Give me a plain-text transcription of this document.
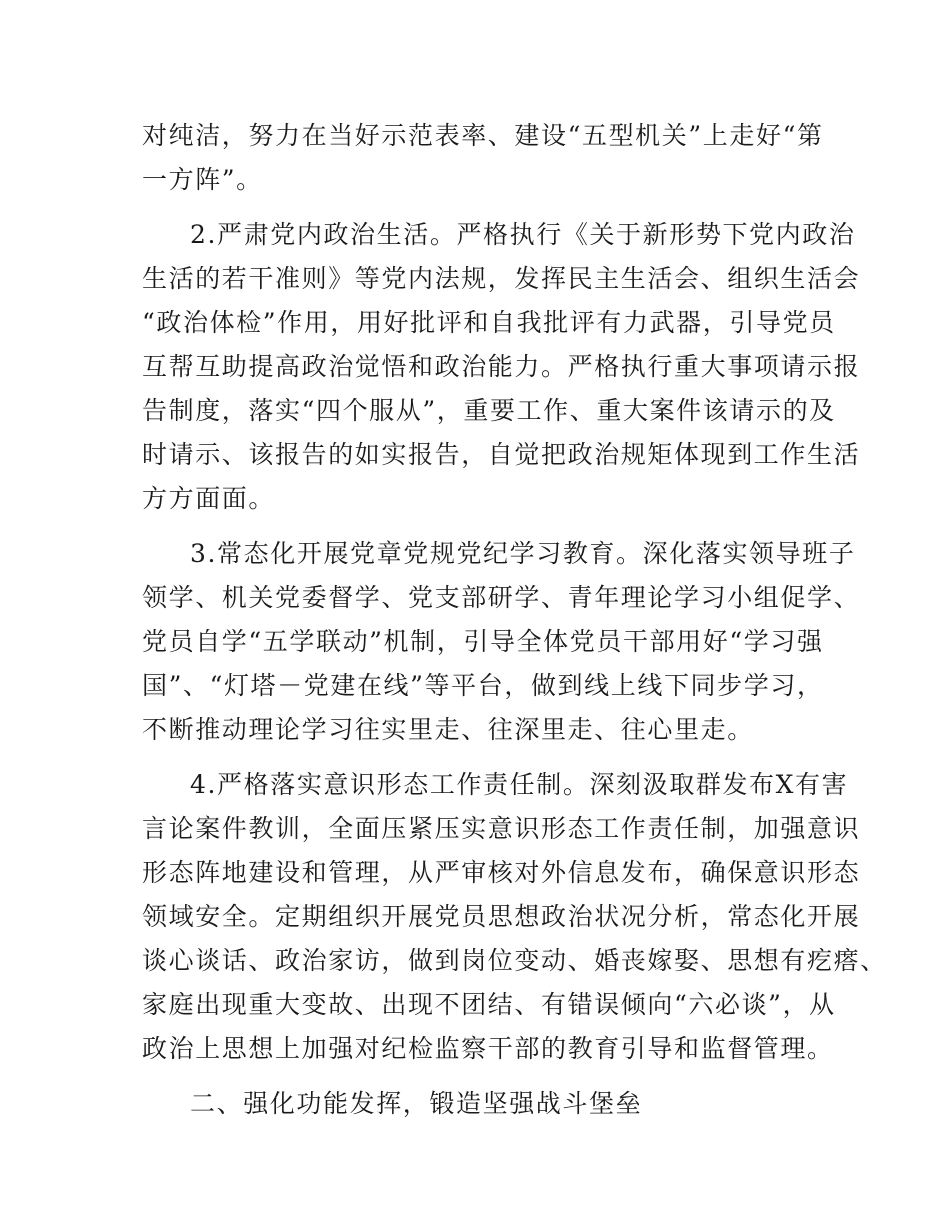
对纯洁，努力在当好示范表率、建设“五型机关”上走好“第

一方阵”。

2.严肃党内政治生活。严格执行《关于新形势下党内政治

生活的若干准则》等党内法规，发挥民主生活会、组织生活会

“政治体检”作用，用好批评和自我批评有力武器，引导党员

互帮互助提高政治觉悟和政治能力。严格执行重大事项请示报

告制度，落实“四个服从”，重要工作、重大案件该请示的及

时请示、该报告的如实报告，自觉把政治规矩体现到工作生活

方方面面。

3.常态化开展党章党规党纪学习教育。深化落实领导班子

领学、机关党委督学、党支部研学、青年理论学习小组促学、

党员自学“五学联动”机制，引导全体党员干部用好“学习强

国”、“灯塔－党建在线”等平台，做到线上线下同步学习，

不断推动理论学习往实里走、往深里走、往心里走。

4.严格落实意识形态工作责任制。深刻汲取群发布X有害

言论案件教训，全面压紧压实意识形态工作责任制，加强意识

形态阵地建设和管理，从严审核对外信息发布，确保意识形态

领域安全。定期组织开展党员思想政治状况分析，常态化开展

谈心谈话、政治家访，做到岗位变动、婚丧嫁娶、思想有疙瘩、

家庭出现重大变故、出现不团结、有错误倾向“六必谈”，从

政治上思想上加强对纪检监察干部的教育引导和监督管理。

二、强化功能发挥，锻造坚强战斗堡垒
